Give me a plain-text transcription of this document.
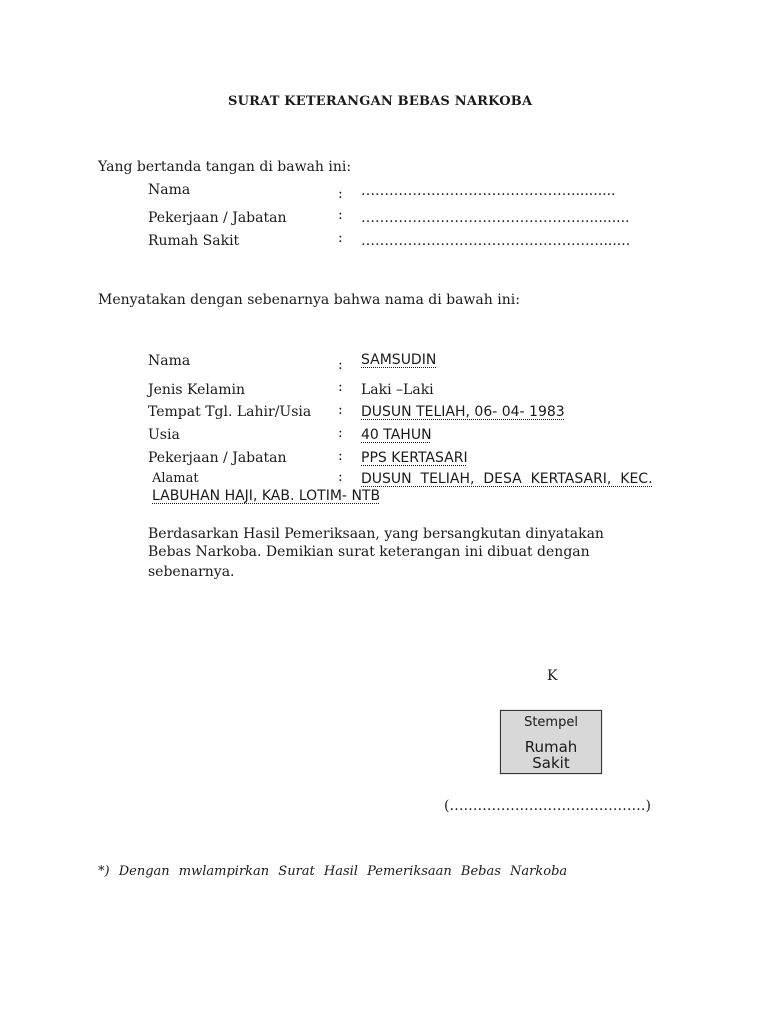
SURAT KETERANGAN BEBAS NARKOBA
Yang bertanda tangan di bawah ini:
Nama	: ………………………………………..........
Pekerjaan / Jabatan	: …………………………………………..........
Rumah Sakit	: …………………………………………….......
Menyatakan dengan sebenarnya bahwa nama di bawah ini:
Nama	: SAMSUDIN
Jenis Kelamin	: Laki –Laki
Tempat Tgl. Lahir/Usia : DUSUN TELIAH, 06- 04- 1983
Usia	: 40 TAHUN
Pekerjaan / Jabatan	: PPS KERTASARI
Alamat	: DUSUN  TELIAH,  DESA  KERTASARI,  KEC.
LABUHAN HAJI, KAB. LOTIM- NTB
Berdasarkan Hasil Pemeriksaan, yang bersangkutan dinyatakan
Bebas Narkoba. Demikian surat keterangan ini dibuat dengan
sebenarnya.
K
Stempel
Rumah
Sakit
(……………………………………)
*) Dengan mwlampirkan Surat Hasil Pemeriksaan Bebas Narkoba
